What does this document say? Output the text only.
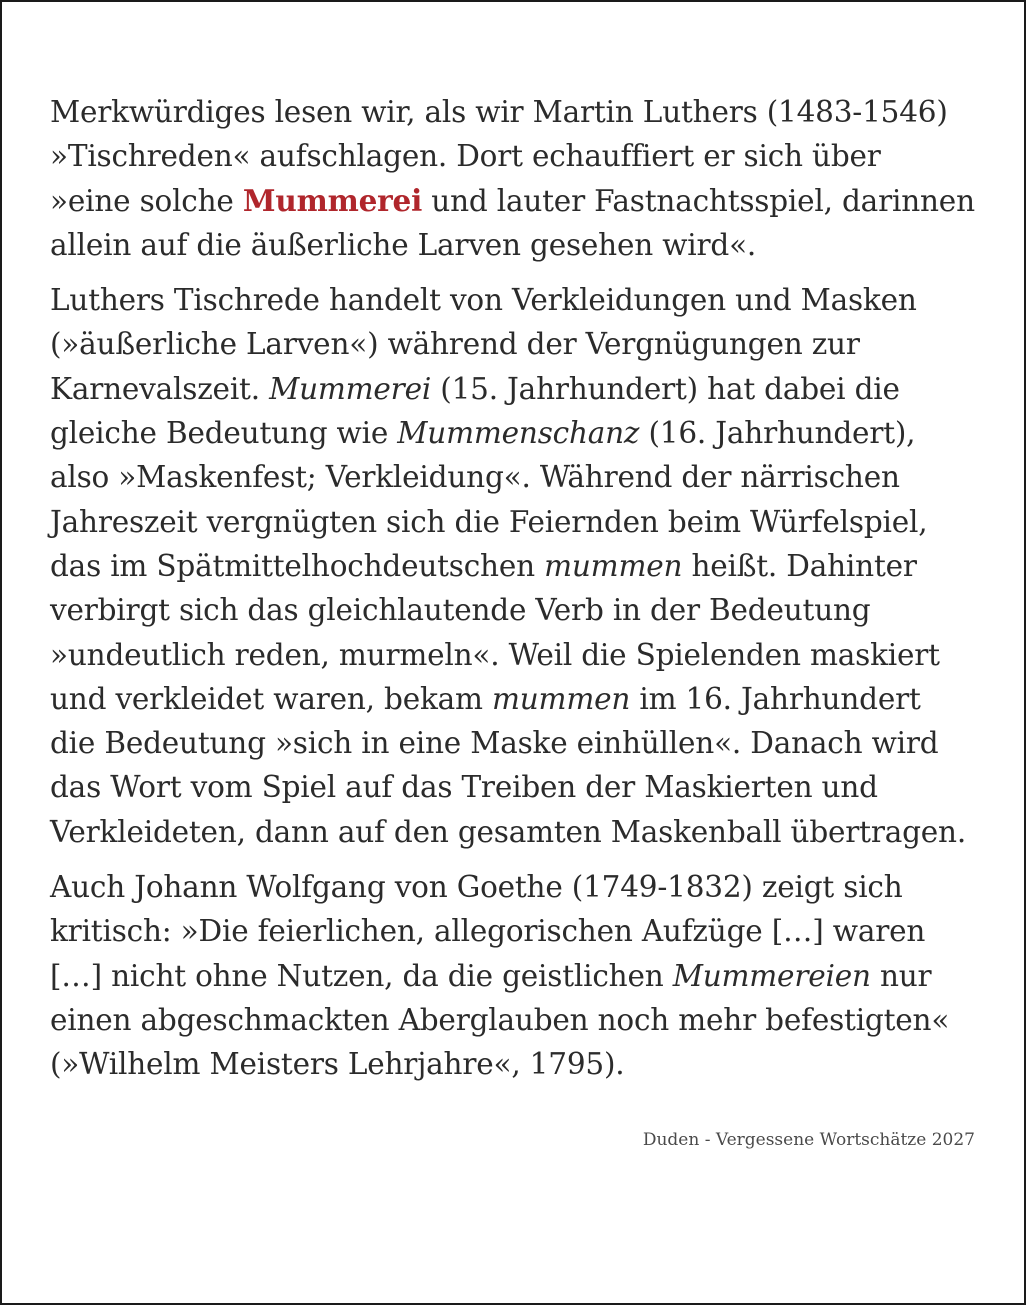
Merkwürdiges lesen wir, als wir Martin Luthers (1483-1546)
»Tischreden« aufschlagen. Dort echauffiert er sich über
»eine solche Mummerei und lauter Fastnachtsspiel, darinnen
allein auf die äußerliche Larven gesehen wird«.
Luthers Tischrede handelt von Verkleidungen und Masken
(»äußerliche Larven«) während der Vergnügungen zur
Karnevalszeit. Mummerei (15. Jahrhundert) hat dabei die
gleiche Bedeutung wie Mummenschanz (16. Jahrhundert),
also »Maskenfest; Verkleidung«. Während der närrischen
Jahreszeit vergnügten sich die Feiernden beim Würfelspiel,
das im Spätmittelhochdeutschen mummen heißt. Dahinter
verbirgt sich das gleichlautende Verb in der Bedeutung
»undeutlich reden, murmeln«. Weil die Spielenden maskiert
und verkleidet waren, bekam mummen im 16. Jahrhundert
die Bedeutung »sich in eine Maske einhüllen«. Danach wird
das Wort vom Spiel auf das Treiben der Maskierten und
Verkleideten, dann auf den gesamten Maskenball übertragen.
Auch Johann Wolfgang von Goethe (1749-1832) zeigt sich
kritisch: »Die feierlichen, allegorischen Aufzüge […] waren
[…] nicht ohne Nutzen, da die geistlichen Mummereien nur
einen abgeschmackten Aberglauben noch mehr befestigten«
(»Wilhelm Meisters Lehrjahre«, 1795).
Duden - Vergessene Wortschätze 2027
